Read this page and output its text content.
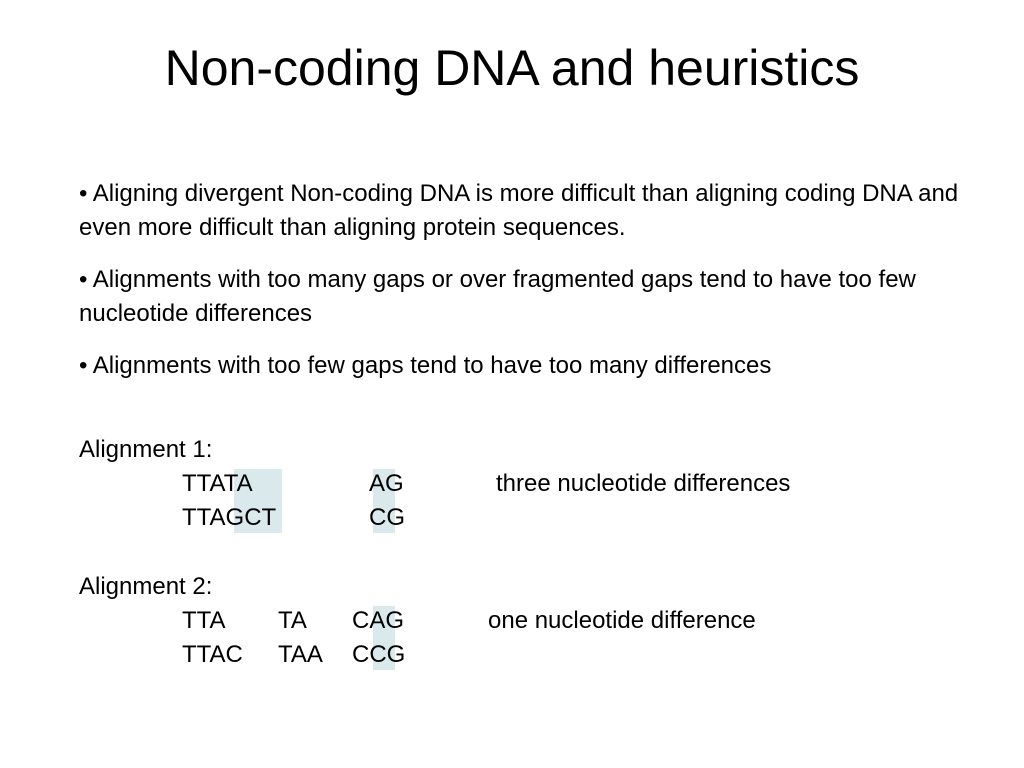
Non-coding DNA and heuristics

• Aligning divergent Non-coding DNA is more difficult than aligning coding DNA and even more difficult than aligning protein sequences.

• Alignments with too many gaps or over fragmented gaps tend to have too few nucleotide differences

• Alignments with too few gaps tend to have too many differences

Alignment 1:
TTATA	AG	three nucleotide differences
TTAGCT	CG
Alignment 2:
TTA TA CAG	one nucleotide difference
TTAC TAA CCG
